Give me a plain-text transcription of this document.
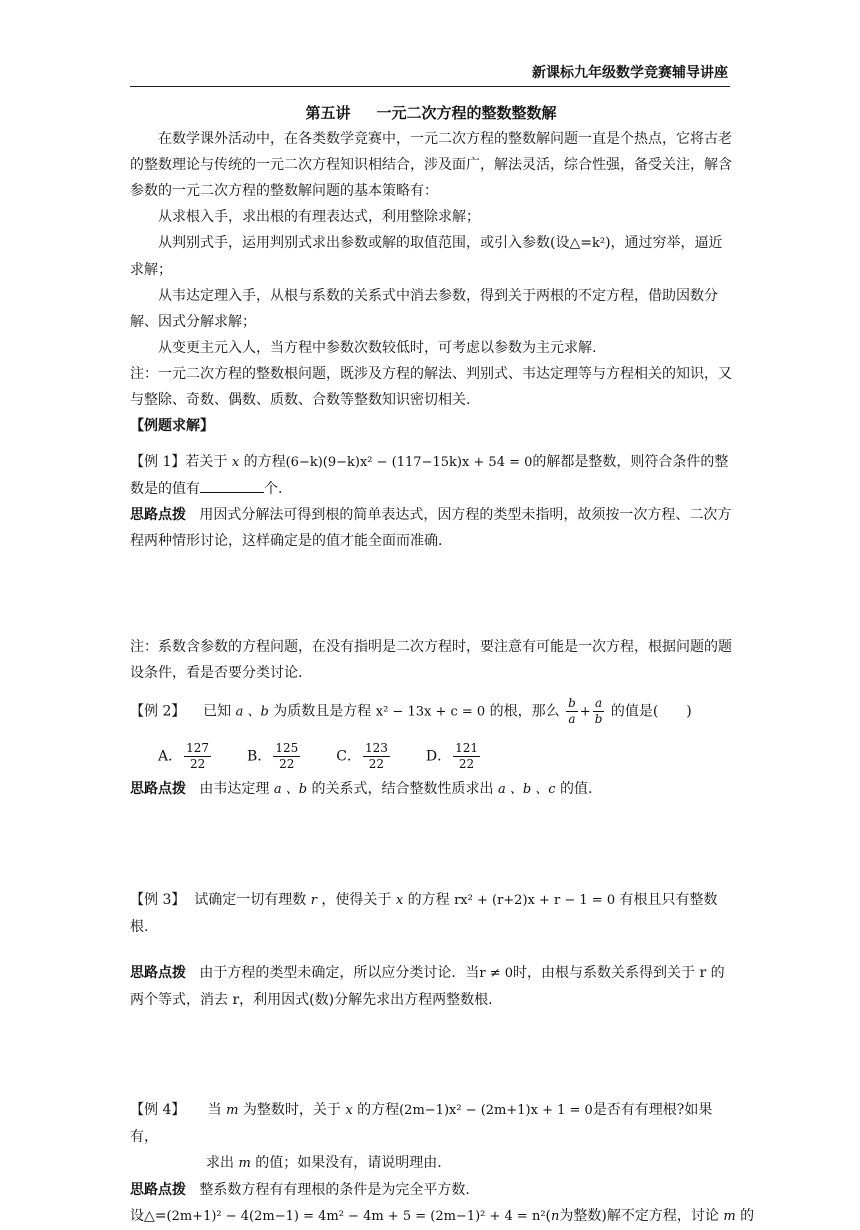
新课标九年级数学竞赛辅导讲座

第五讲 一元二次方程的整数整数解

在数学课外活动中，在各类数学竞赛中，一元二次方程的整数解问题一直是个热点，它将古老的整数理论与传统的一元二次方程知识相结合，涉及面广，解法灵活，综合性强，备受关注，解含参数的一元二次方程的整数解问题的基本策略有：

从求根入手，求出根的有理表达式，利用整除求解；

从判别式手，运用判别式求出参数或解的取值范围，或引入参数(设△=k²)，通过穷举，逼近求解；

从韦达定理入手，从根与系数的关系式中消去参数，得到关于两根的不定方程，借助因数分解、因式分解求解；

从变更主元入人，当方程中参数次数较低时，可考虑以参数为主元求解.

注：一元二次方程的整数根问题，既涉及方程的解法、判别式、韦达定理等与方程相关的知识，又与整除、奇数、偶数、质数、合数等整数知识密切相关.

【例题求解】

【例 1】若关于 x 的方程(6−k)(9−k)x² − (117−15k)x + 54 = 0的解都是整数，则符合条件的整数是的值有	个.

思路点拨 用因式分解法可得到根的简单表达式，因方程的类型未指明，故须按一次方程、二次方程两种情形讨论，这样确定是的值才能全面而准确.

注：系数含参数的方程问题，在没有指明是二次方程时，要注意有可能是一次方程，根据问题的题设条件，看是否要分类讨论.

【例 2】 已知 a 、b 为质数且是方程 x² − 13x + c = 0 的根，那么 $\frac{b}{a} + \frac{a}{b}$ 的值是(　　)

A． $\frac{127}{22}$	B． $\frac{125}{22}$	C． $\frac{123}{22}$	D． $\frac{121}{22}$

思路点拨 由韦达定理 a 、b 的关系式，结合整数性质求出 a 、b 、c 的值.

【例 3】 试确定一切有理数 r ，使得关于 x 的方程 rx² + (r+2)x + r − 1 = 0 有根且只有整数根.

思路点拨 由于方程的类型未确定，所以应分类讨论．当r ≠ 0时，由根与系数关系得到关于 r 的两个等式，消去 r，利用因式(数)分解先求出方程两整数根.

【例 4】 当 m 为整数时，关于 x 的方程(2m−1)x² − (2m+1)x + 1 = 0是否有有理根?如果有，

求出 m 的值；如果没有，请说明理由.

思路点拨 整系数方程有有理根的条件是为完全平方数.

设△=(2m+1)² − 4(2m−1) = 4m² − 4m + 5 = (2m−1)² + 4 = n²(n为整数)解不定方程，讨论 m 的
